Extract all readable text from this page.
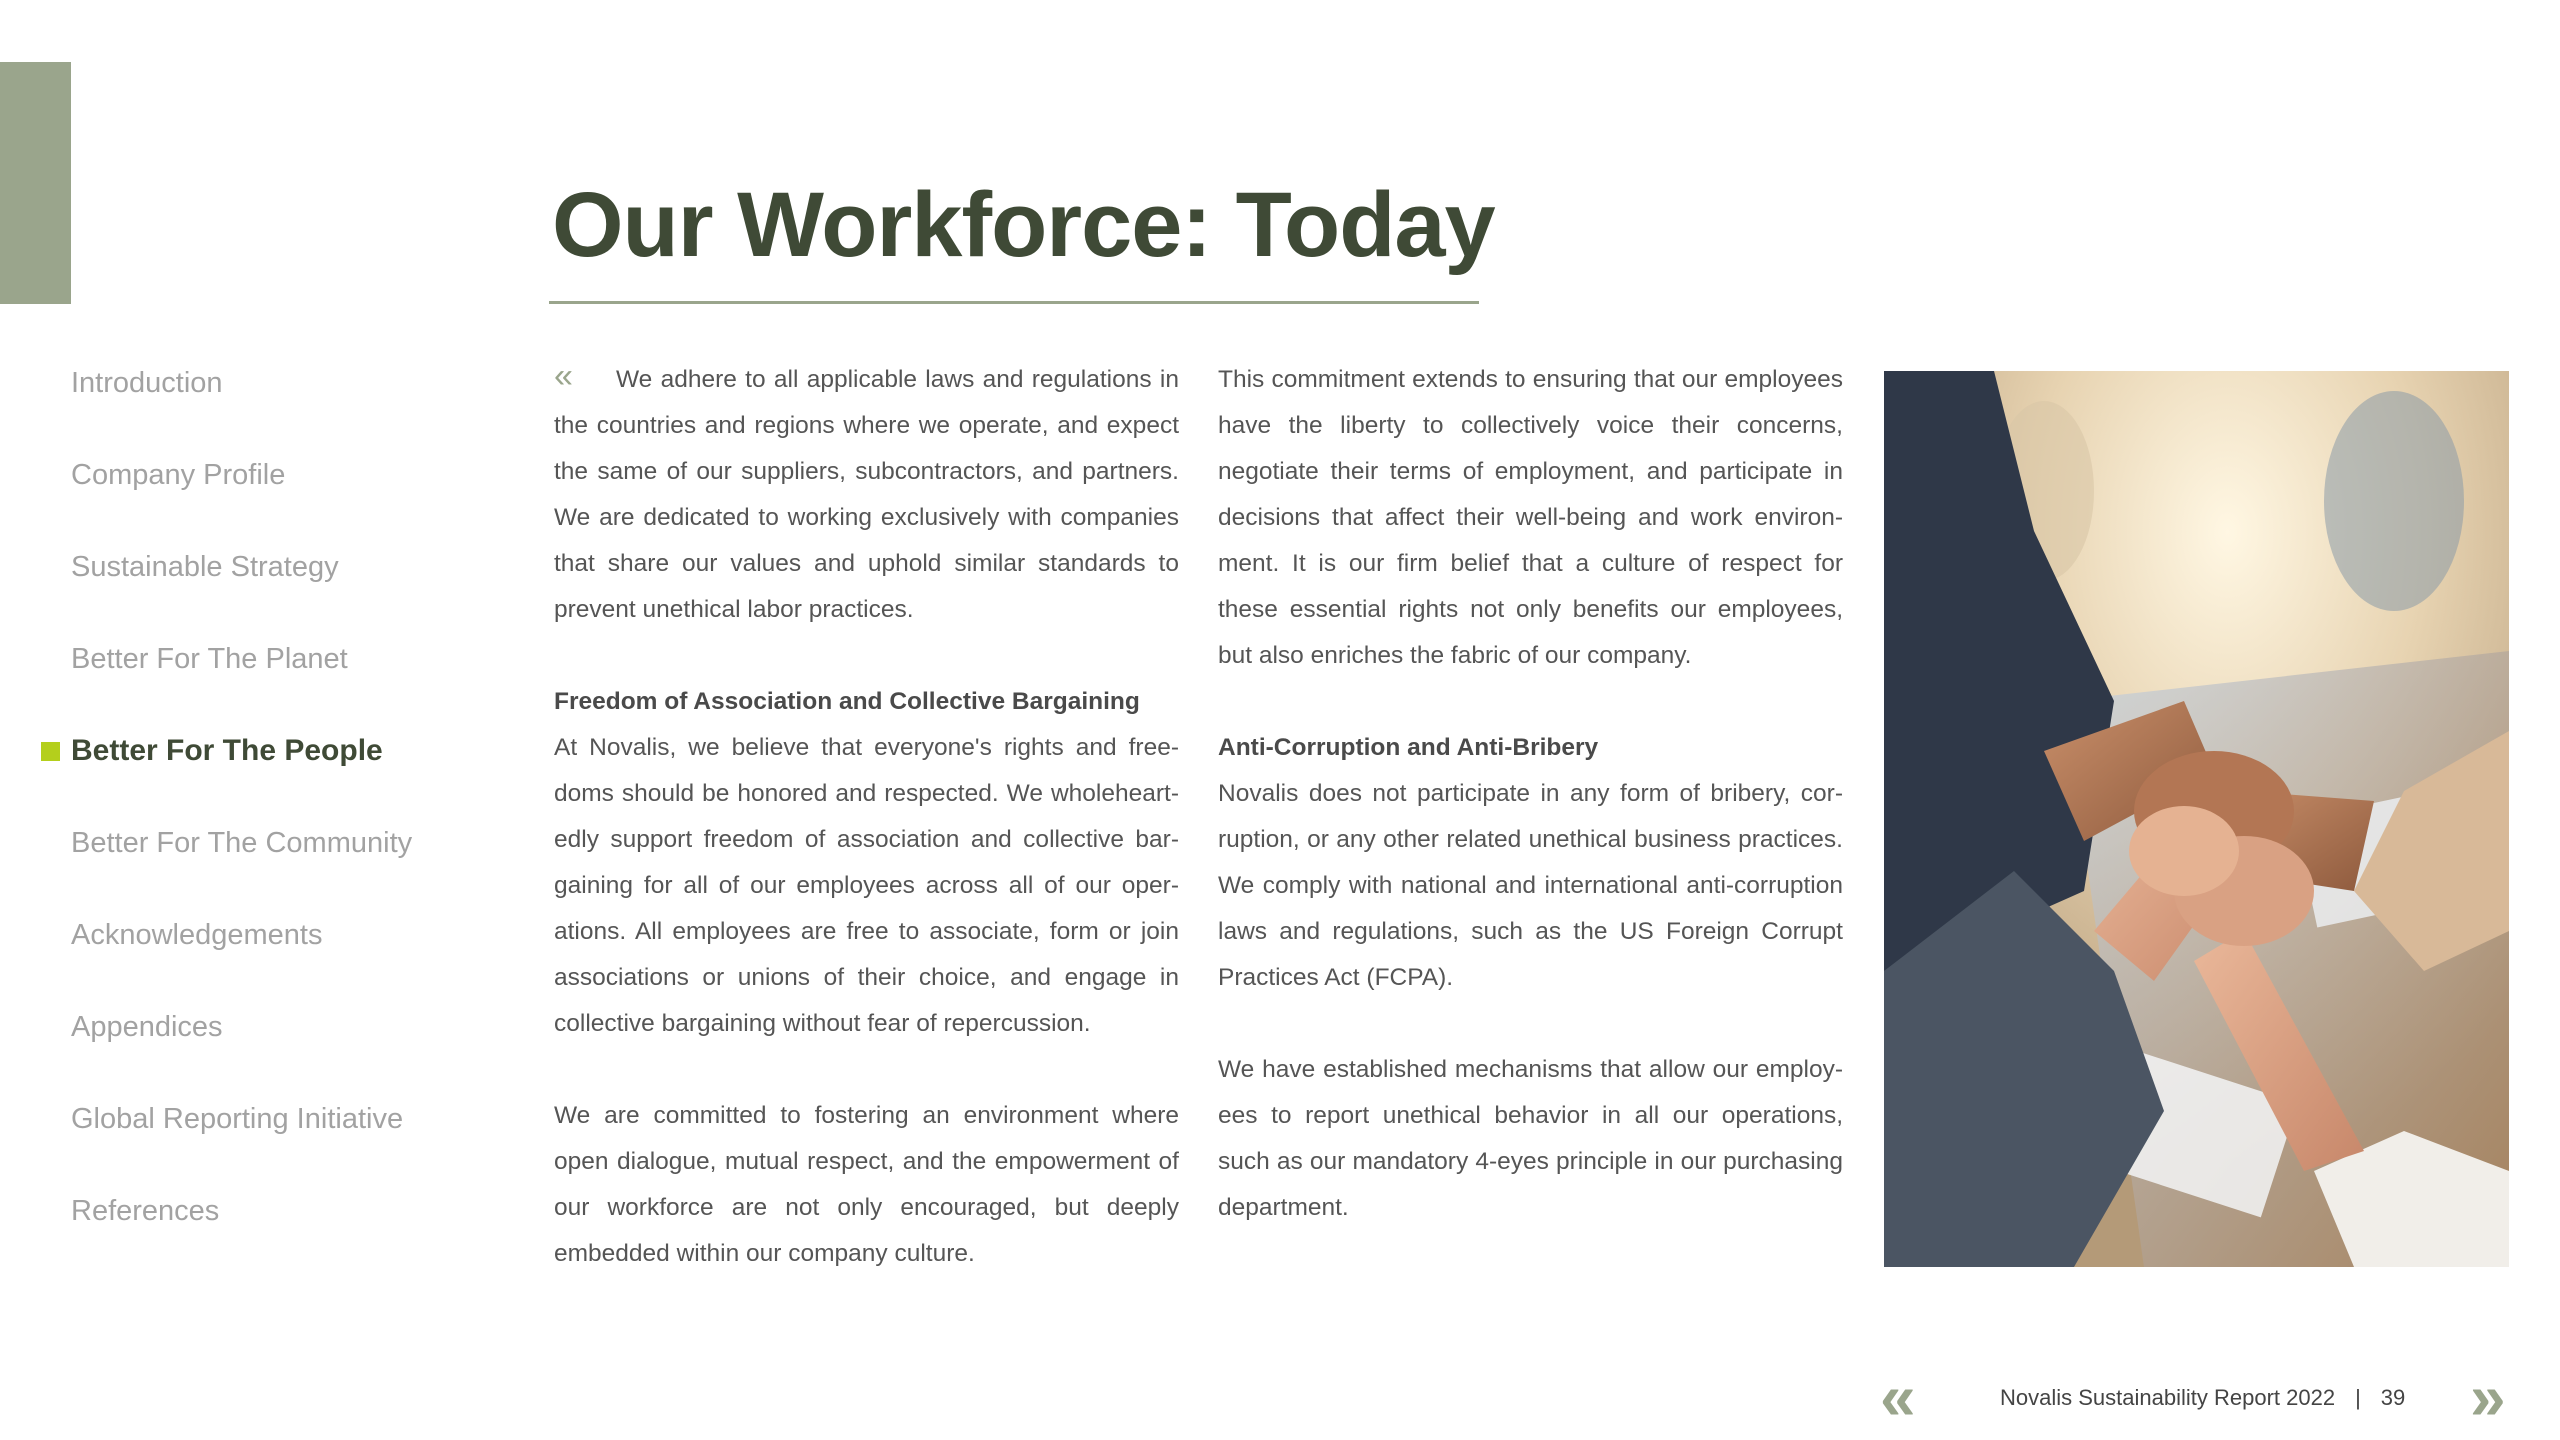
Our Workforce: Today
Introduction
Company Profile
Sustainable Strategy
Better For The Planet
Better For The People
Better For The Community
Acknowledgements
Appendices
Global Reporting Initiative
References

« We adhere to all applicable laws and regulations in the countries and regions where we operate, and expect the same of our suppliers, subcontractors, and partners. We are dedicated to working exclusively with companies that share our values and uphold similar standards to prevent unethical labor practices.

Freedom of Association and Collective Bargaining

At Novalis, we believe that everyone's rights and freedoms should be honored and respected. We wholeheartedly support freedom of association and collective bargaining for all of our employees across all of our operations. All employees are free to associate, form or join associations or unions of their choice, and engage in collective bargaining without fear of repercussion.

We are committed to fostering an environment where open dialogue, mutual respect, and the empowerment of our workforce are not only encouraged, but deeply embedded within our company culture.

This commitment extends to ensuring that our employees have the liberty to collectively voice their concerns, negotiate their terms of employment, and participate in decisions that affect their well-being and work environment. It is our firm belief that a culture of respect for these essential rights not only benefits our employees, but also enriches the fabric of our company.

Anti-Corruption and Anti-Bribery

Novalis does not participate in any form of bribery, corruption, or any other related unethical business practices. We comply with national and international anti-corruption laws and regulations, such as the US Foreign Corrupt Practices Act (FCPA).

We have established mechanisms that allow our employees to report unethical behavior in all our operations, such as our mandatory 4-eyes principle in our purchasing department.

«	Novalis Sustainability Report 2022 | 39 »
